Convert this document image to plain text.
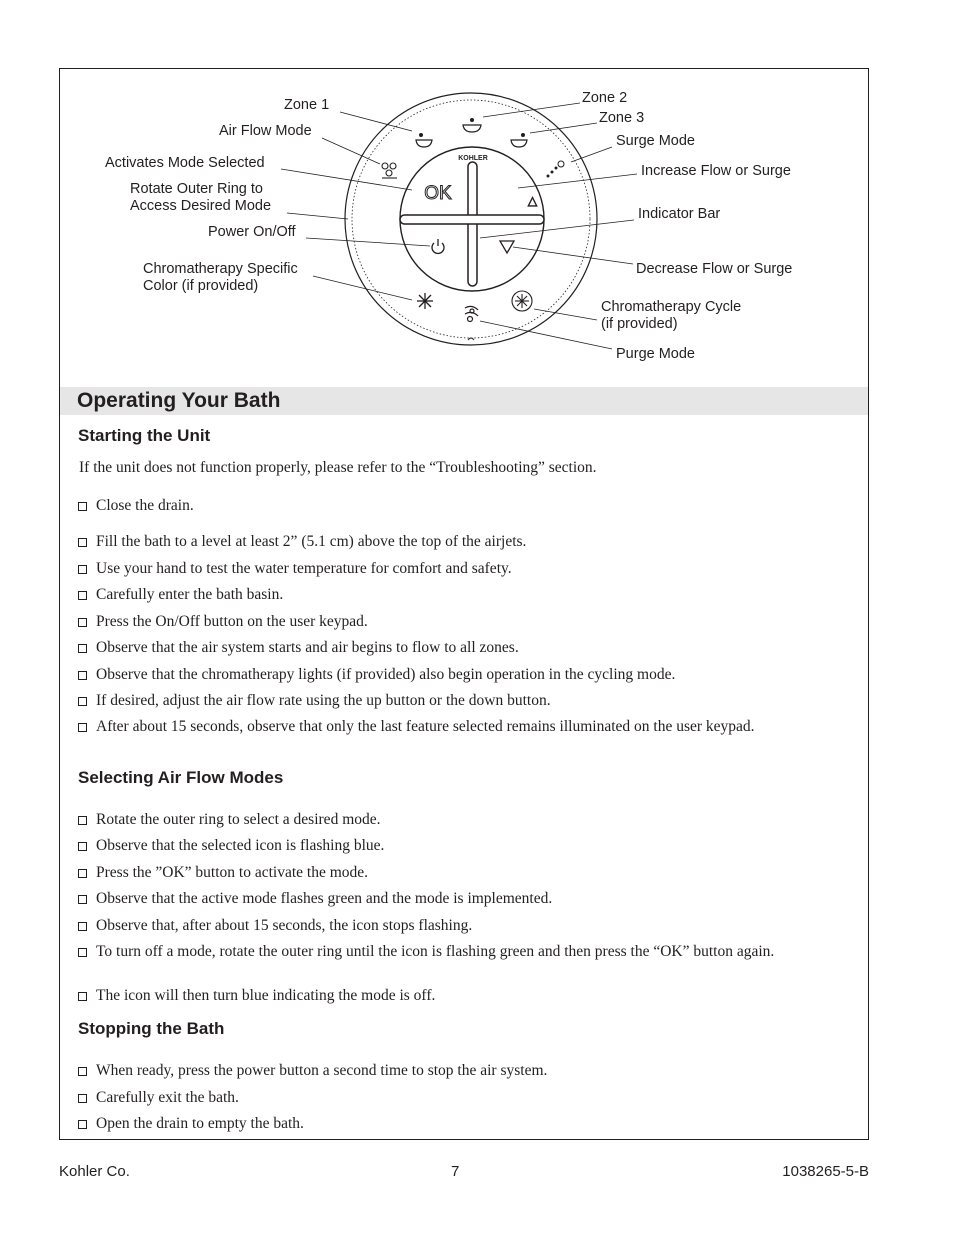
KOHLER
OK
Zone 1	Zone 2
Zone 3
Air Flow Mode
Surge Mode
Activates Mode Selected	Increase Flow or Surge
Rotate Outer Ring to
Access Desired Mode	Indicator Bar
Power On/Off
Decrease Flow or Surge
Chromatherapy Specific
Color (if provided)
Chromatherapy Cycle
(if provided)
Purge Mode
Operating Your Bath
Starting the Unit
If the unit does not function properly, please refer to the “Troubleshooting” section.
Close the drain.
Fill the bath to a level at least 2” (5.1 cm) above the top of the airjets.
Use your hand to test the water temperature for comfort and safety.
Carefully enter the bath basin.
Press the On/Off button on the user keypad.
Observe that the air system starts and air begins to flow to all zones.
Observe that the chromatherapy lights (if provided) also begin operation in the cycling mode.
If desired, adjust the air flow rate using the up button or the down button.
After about 15 seconds, observe that only the last feature selected remains illuminated on the user keypad.
Selecting Air Flow Modes
Rotate the outer ring to select a desired mode.
Observe that the selected icon is flashing blue.
Press the ”OK” button to activate the mode.
Observe that the active mode flashes green and the mode is implemented.
Observe that, after about 15 seconds, the icon stops flashing.
To turn off a mode, rotate the outer ring until the icon is flashing green and then press the “OK” button again.
The icon will then turn blue indicating the mode is off.
Stopping the Bath
When ready, press the power button a second time to stop the air system.
Carefully exit the bath.
Open the drain to empty the bath.
Kohler Co.	7	1038265-5-B
